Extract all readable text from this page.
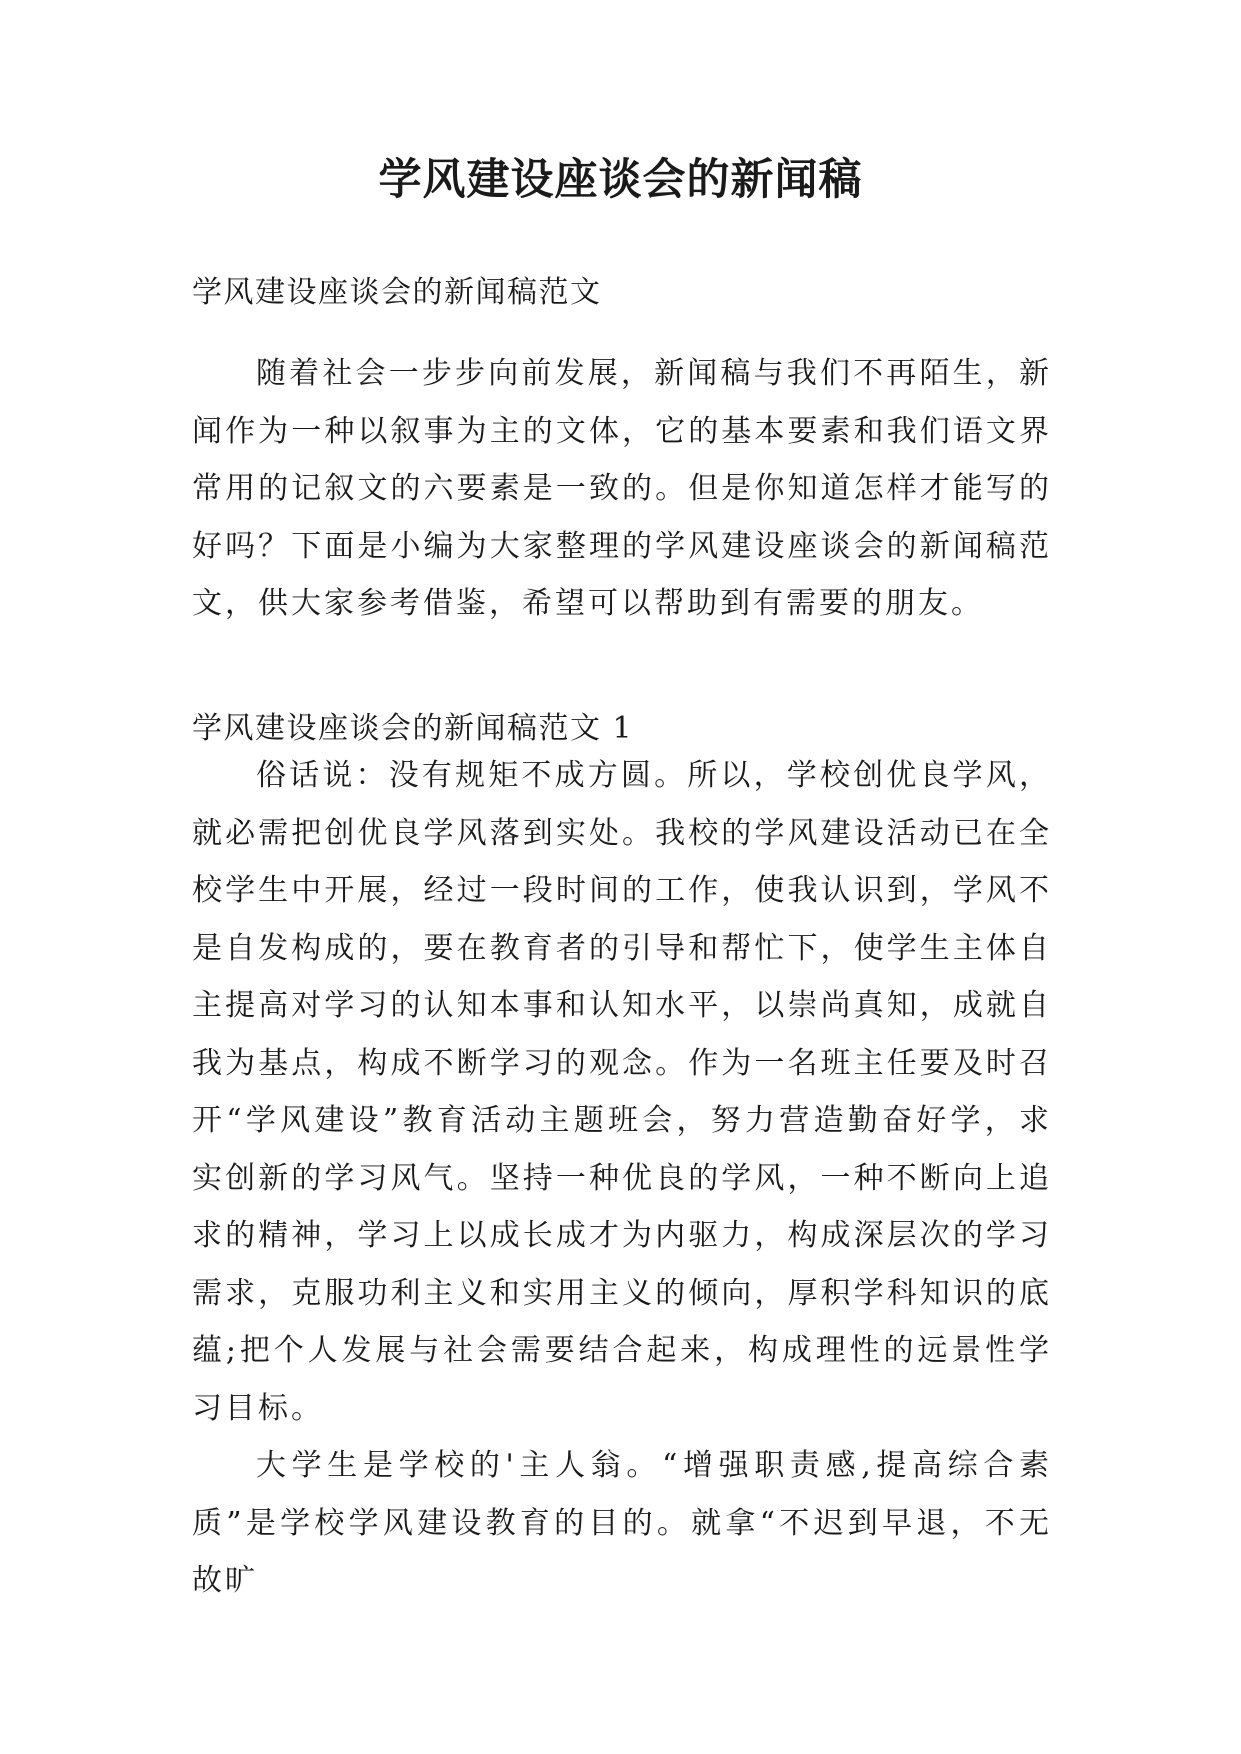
学风建设座谈会的新闻稿

学风建设座谈会的新闻稿范文

随着社会一步步向前发展，新闻稿与我们不再陌生，新闻作为一种以叙事为主的文体，它的基本要素和我们语文界常用的记叙文的六要素是一致的。但是你知道怎样才能写的好吗？下面是小编为大家整理的学风建设座谈会的新闻稿范文，供大家参考借鉴，希望可以帮助到有需要的朋友。

学风建设座谈会的新闻稿范文 1

俗话说：没有规矩不成方圆。所以，学校创优良学风，就必需把创优良学风落到实处。我校的学风建设活动已在全校学生中开展，经过一段时间的工作，使我认识到，学风不是自发构成的，要在教育者的引导和帮忙下，使学生主体自主提高对学习的认知本事和认知水平，以崇尚真知，成就自我为基点，构成不断学习的观念。作为一名班主任要及时召开“学风建设”教育活动主题班会，努力营造勤奋好学，求实创新的学习风气。坚持一种优良的学风，一种不断向上追求的精神，学习上以成长成才为内驱力，构成深层次的学习需求，克服功利主义和实用主义的倾向，厚积学科知识的底蕴;把个人发展与社会需要结合起来，构成理性的远景性学习目标。

大学生是学校的'主人翁。“增强职责感,提高综合素质”是学校学风建设教育的目的。就拿“不迟到早退，不无故旷
